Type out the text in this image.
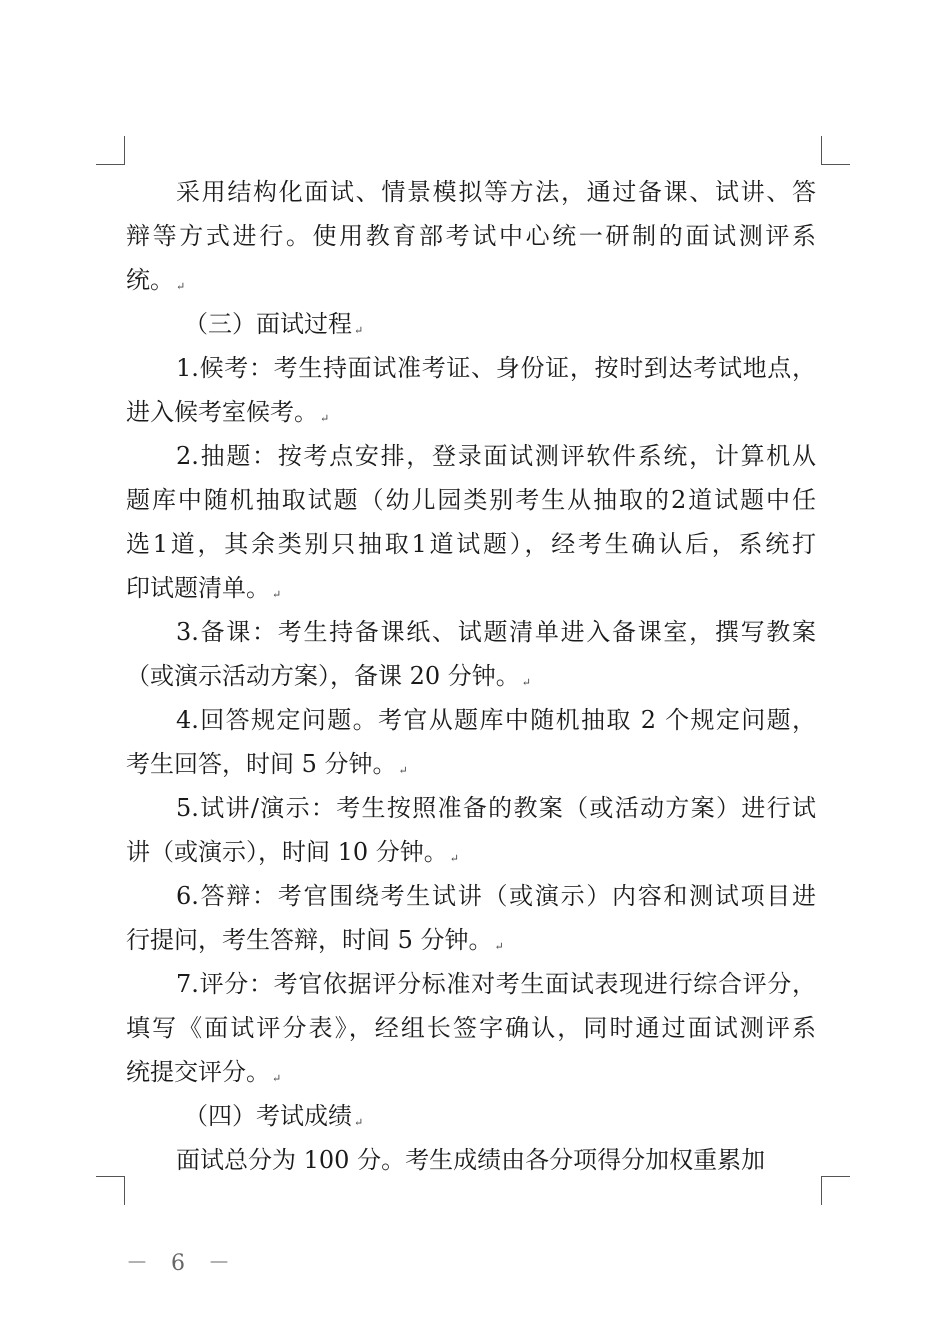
采用结构化面试、情景模拟等方法，通过备课、试讲、答
辩等方式进行。使用教育部考试中心统一研制的面试测评系
统。 ↵
（三）面试过程 ↵
1.候考：考生持面试准考证、身份证，按时到达考试地点，
进入候考室候考。 ↵
2.抽题：按考点安排，登录面试测评软件系统，计算机从
题库中随机抽取试题（幼儿园类别考生从抽取的2道试题中任
选1道，其余类别只抽取1道试题），经考生确认后，系统打
印试题清单。 ↵
3.备课：考生持备课纸、试题清单进入备课室，撰写教案
（或演示活动方案），备课 20 分钟。 ↵
4.回答规定问题。考官从题库中随机抽取 2 个规定问题，
考生回答，时间 5 分钟。 ↵
5.试讲/演示：考生按照准备的教案（或活动方案）进行试
讲（或演示），时间 10 分钟。 ↵
6.答辩：考官围绕考生试讲（或演示）内容和测试项目进
行提问，考生答辩，时间 5 分钟。 ↵
7.评分：考官依据评分标准对考生面试表现进行综合评分，
填写《面试评分表》，经组长签字确认，同时通过面试测评系
统提交评分。 ↵
（四）考试成绩 ↵
面试总分为 100 分。考生成绩由各分项得分加权重累加
－ 6 －
